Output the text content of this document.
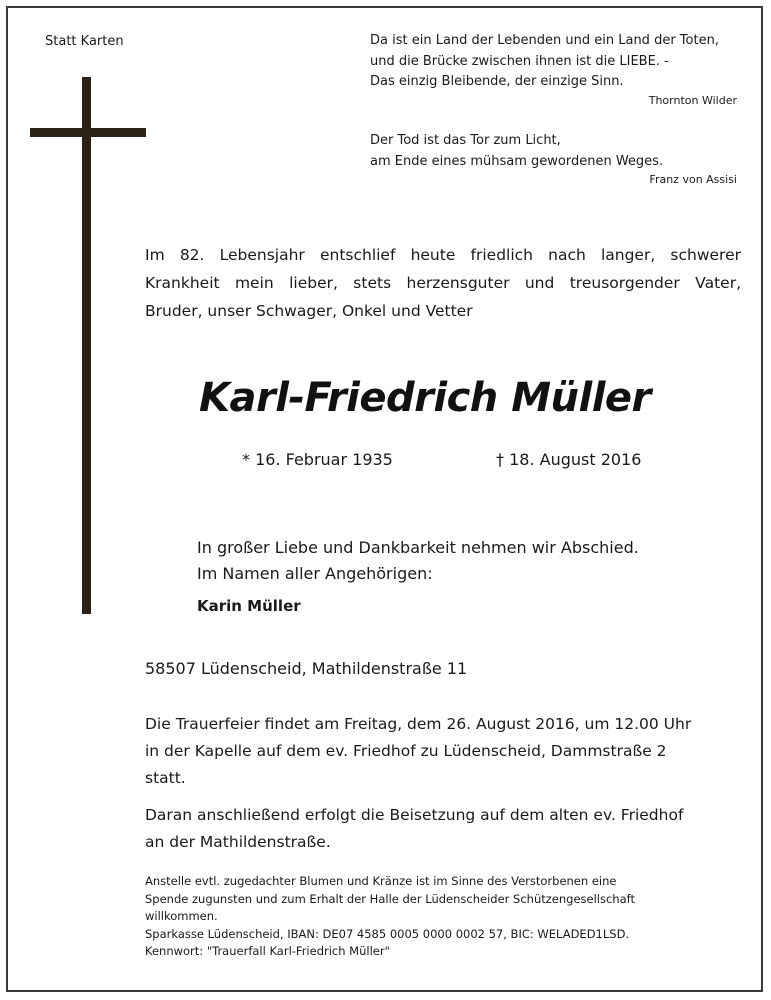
Statt Karten	Da ist ein Land der Lebenden und ein Land der Toten,
und die Brücke zwischen ihnen ist die LIEBE. -
Das einzig Bleibende, der einzige Sinn.
Thornton Wilder
Der Tod ist das Tor zum Licht,
am Ende eines mühsam gewordenen Weges.
Franz von Assisi
Im 82. Lebensjahr entschlief heute friedlich nach langer, schwerer
Krankheit mein lieber, stets herzensguter und treusorgender Vater,
Bruder, unser Schwager, Onkel und Vetter
Karl-Friedrich Müller
* 16. Februar 1935	† 18. August 2016
In großer Liebe und Dankbarkeit nehmen wir Abschied.
Im Namen aller Angehörigen:
Karin Müller
58507 Lüdenscheid, Mathildenstraße 11
Die Trauerfeier findet am Freitag, dem 26. August 2016, um 12.00 Uhr
in der Kapelle auf dem ev. Friedhof zu Lüdenscheid, Dammstraße 2
statt.
Daran anschließend erfolgt die Beisetzung auf dem alten ev. Friedhof
an der Mathildenstraße.
Anstelle evtl. zugedachter Blumen und Kränze ist im Sinne des Verstorbenen eine
Spende zugunsten und zum Erhalt der Halle der Lüdenscheider Schützengesellschaft
willkommen.
Sparkasse Lüdenscheid, IBAN: DE07 4585 0005 0000 0002 57, BIC: WELADED1LSD.
Kennwort: "Trauerfall Karl-Friedrich Müller"
